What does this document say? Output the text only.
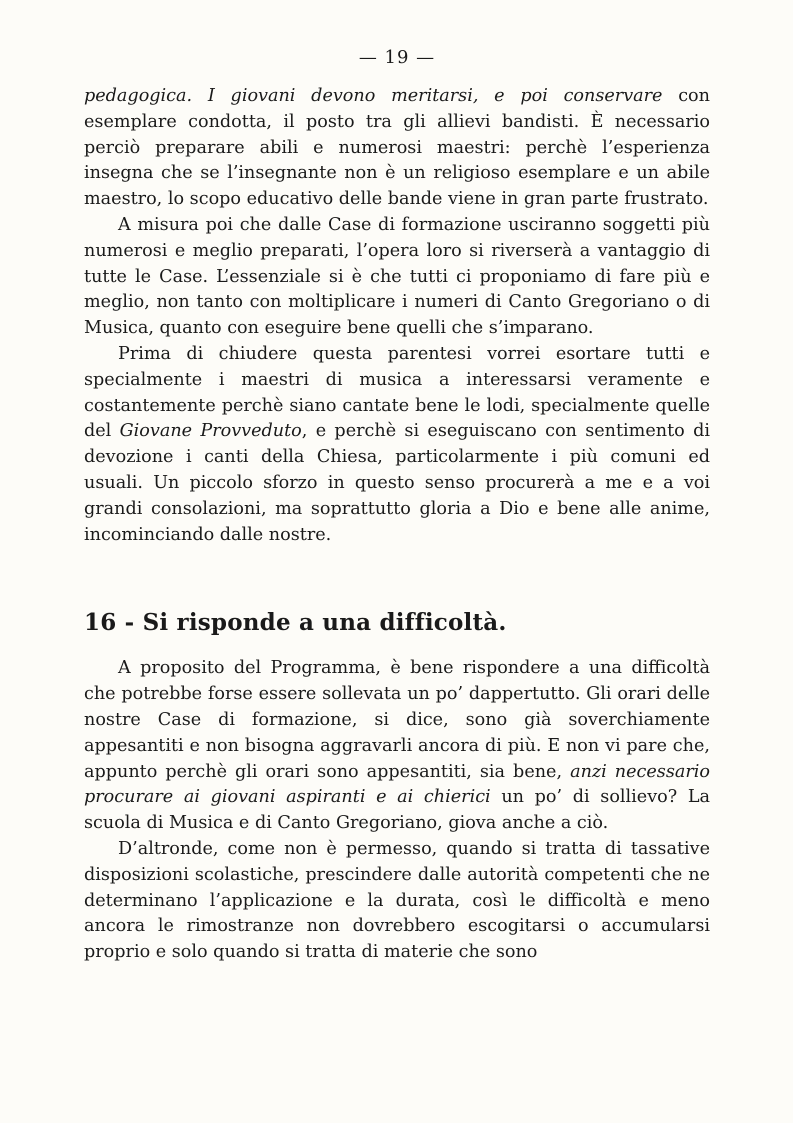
— 19 —
pedagogica. I giovani devono meritarsi, e poi conservare con esemplare condotta, il posto tra gli allievi bandisti. È necessario perciò preparare abili e numerosi maestri: perchè l’esperienza insegna che se l’insegnante non è un religioso esemplare e un abile maestro, lo scopo educativo delle bande viene in gran parte frustrato.
A misura poi che dalle Case di formazione usciranno soggetti più numerosi e meglio preparati, l’opera loro si riverserà a vantaggio di tutte le Case. L’essenziale si è che tutti ci proponiamo di fare più e meglio, non tanto con moltiplicare i numeri di Canto Gregoriano o di Musica, quanto con eseguire bene quelli che s’imparano.
Prima di chiudere questa parentesi vorrei esortare tutti e specialmente i maestri di musica a interessarsi veramente e costantemente perchè siano cantate bene le lodi, specialmente quelle del Giovane Provveduto, e perchè si eseguiscano con sentimento di devozione i canti della Chiesa, particolarmente i più comuni ed usuali. Un piccolo sforzo in questo senso procurerà a me e a voi grandi consolazioni, ma soprattutto gloria a Dio e bene alle anime, incominciando dalle nostre.
16 - Si risponde a una difficoltà.
A proposito del Programma, è bene rispondere a una difficoltà che potrebbe forse essere sollevata un po’ dappertutto. Gli orari delle nostre Case di formazione, si dice, sono già soverchiamente appesantiti e non bisogna aggravarli ancora di più. E non vi pare che, appunto perchè gli orari sono appesantiti, sia bene, anzi necessario procurare ai giovani aspiranti e ai chierici un po’ di sollievo? La scuola di Musica e di Canto Gregoriano, giova anche a ciò.
D’altronde, come non è permesso, quando si tratta di tassative disposizioni scolastiche, prescindere dalle autorità competenti che ne determinano l’applicazione e la durata, così le difficoltà e meno ancora le rimostranze non dovrebbero escogitarsi o accumularsi proprio e solo quando si tratta di materie che sono
